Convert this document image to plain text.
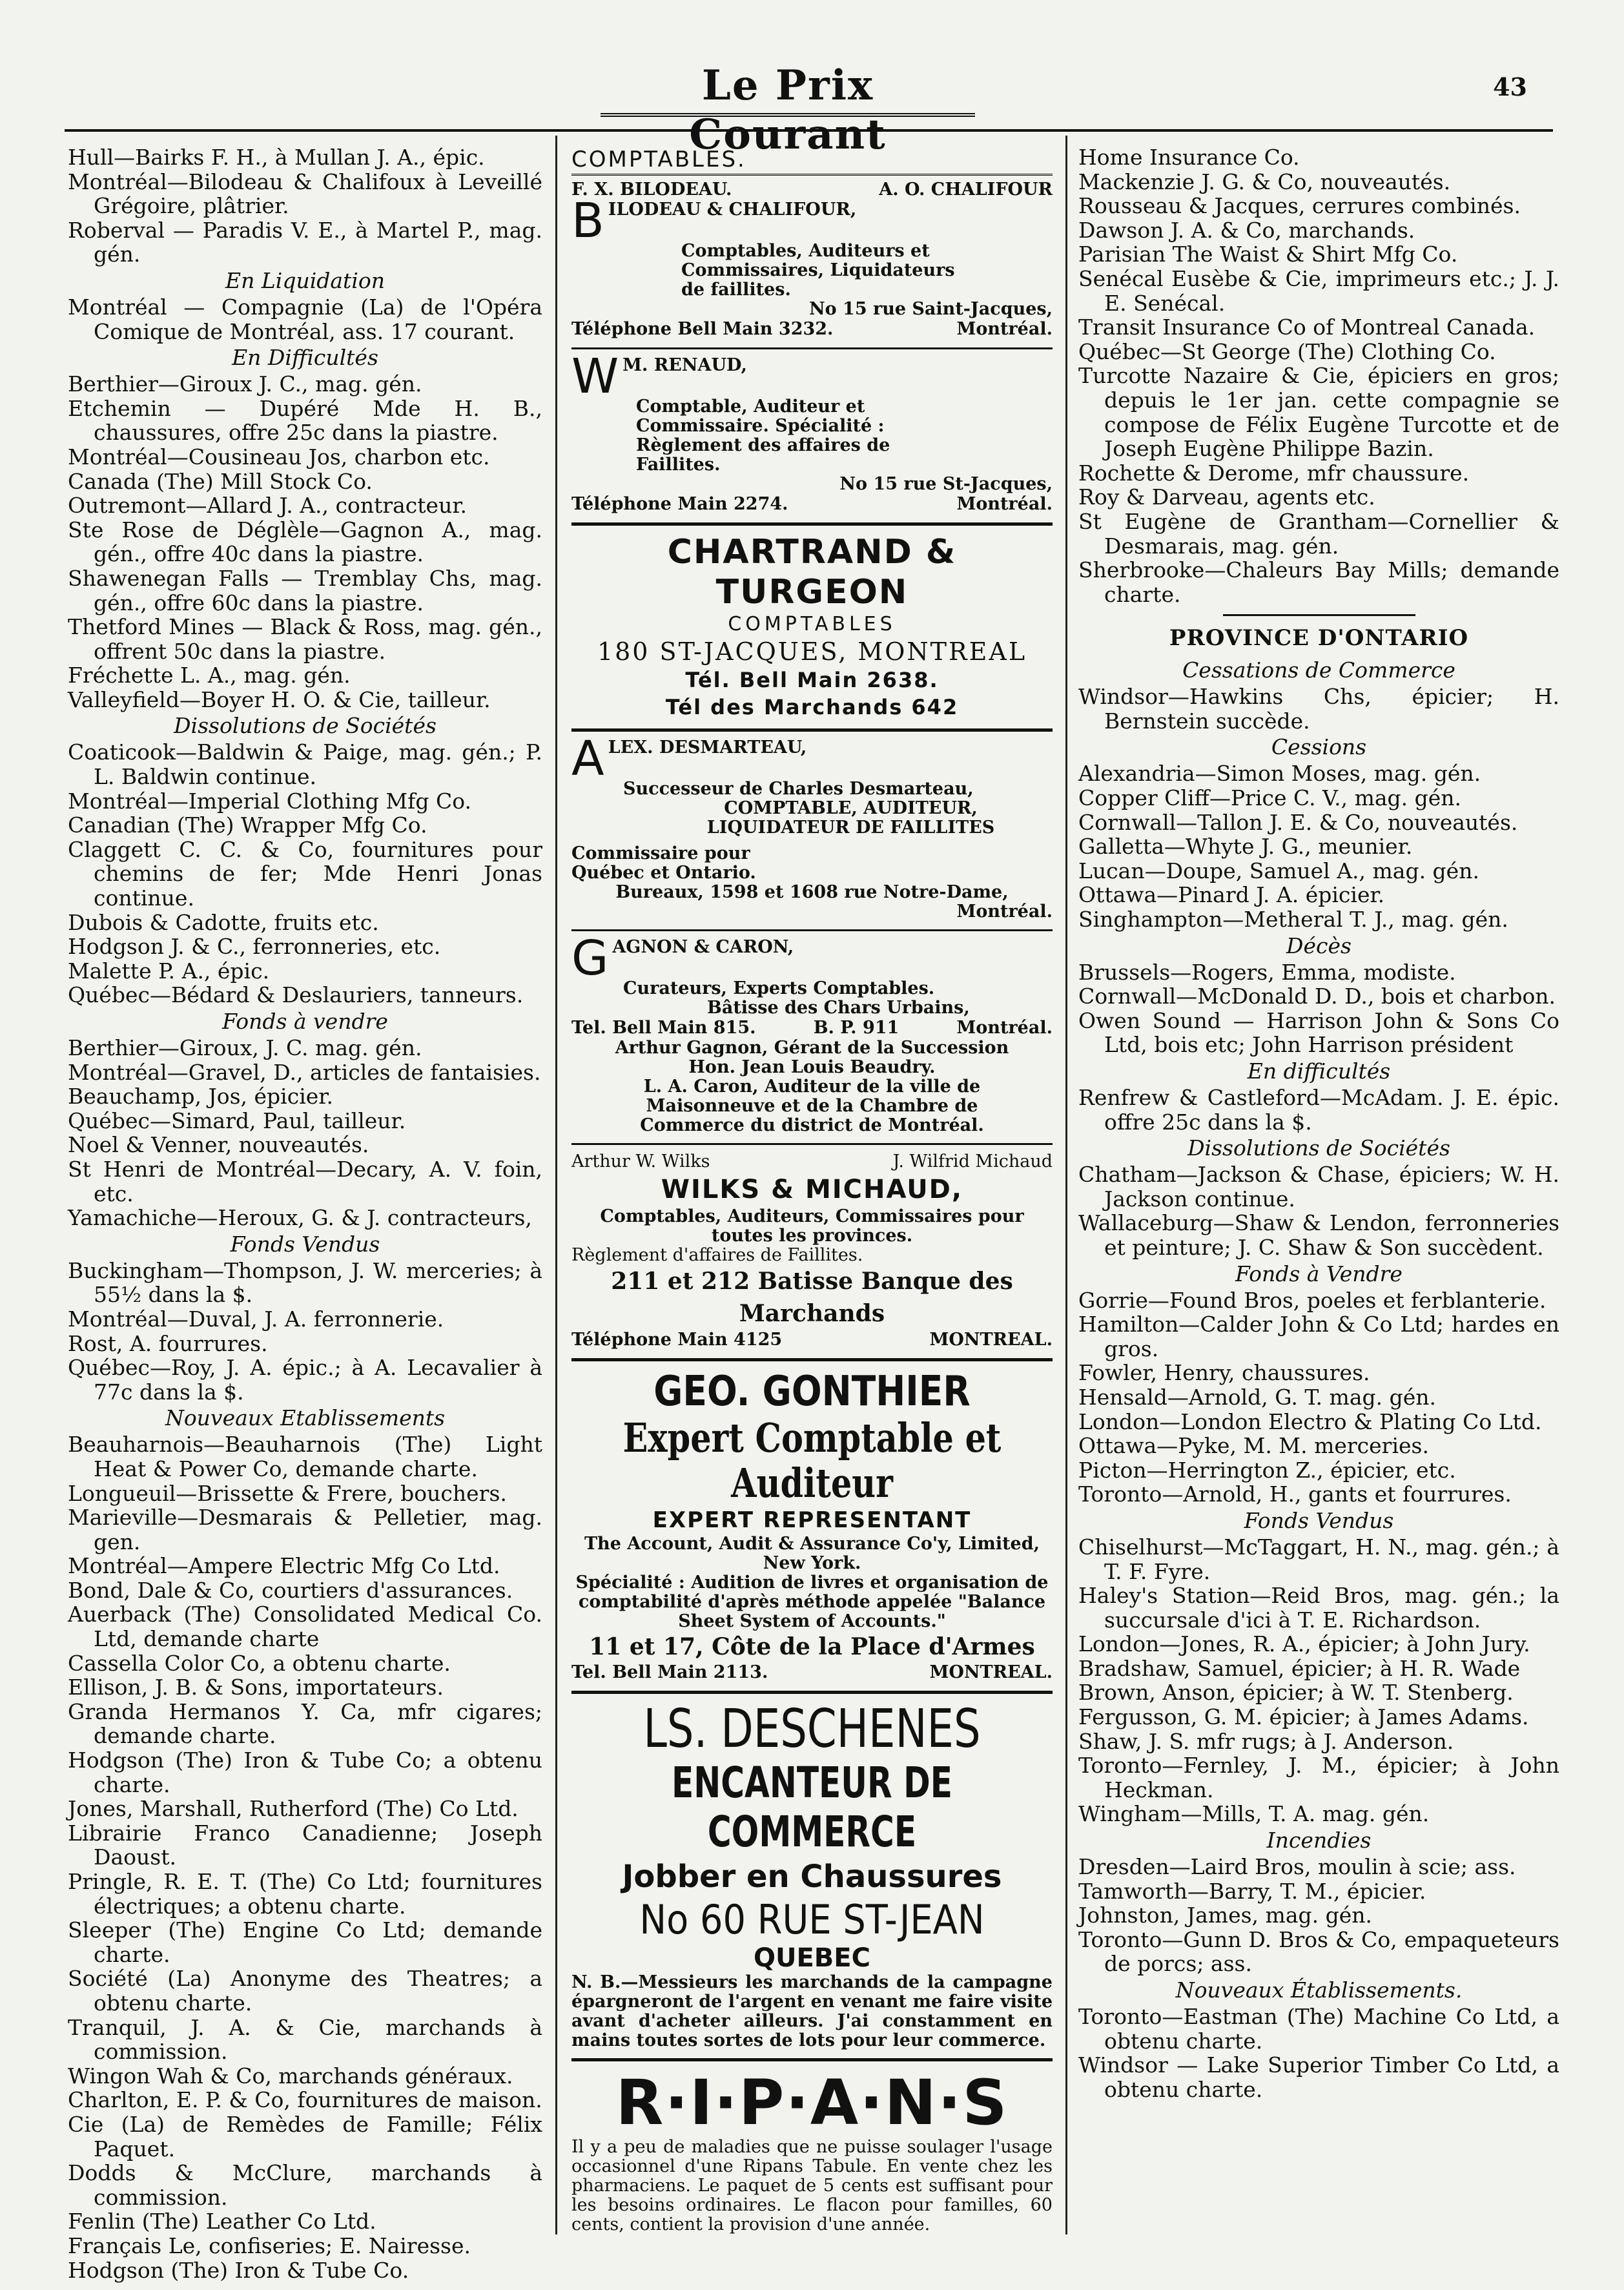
Le Prix Courant
43
Hull—Bairks F. H., à Mullan J. A., épic.
Montréal—Bilodeau & Chalifoux à Leveillé Grégoire, plâtrier.
Roberval — Paradis V. E., à Martel P., mag. gén.
En Liquidation
Montréal — Compagnie (La) de l'Opéra Comique de Montréal, ass. 17 courant.
En Difficultés
Berthier—Giroux J. C., mag. gén.
Etchemin — Dupéré Mde H. B., chaussures, offre 25c dans la piastre.
Montréal—Cousineau Jos, charbon etc.
Canada (The) Mill Stock Co.
Outremont—Allard J. A., contracteur.
Ste Rose de Déglèle—Gagnon A., mag. gén., offre 40c dans la piastre.
Shawenegan Falls — Tremblay Chs, mag. gén., offre 60c dans la piastre.
Thetford Mines — Black & Ross, mag. gén., offrent 50c dans la piastre.
Fréchette L. A., mag. gén.
Valleyfield—Boyer H. O. & Cie, tailleur.
Dissolutions de Sociétés
Coaticook—Baldwin & Paige, mag. gén.; P. L. Baldwin continue.
Montréal—Imperial Clothing Mfg Co.
Canadian (The) Wrapper Mfg Co.
Claggett C. C. & Co, fournitures pour chemins de fer; Mde Henri Jonas continue.
Dubois & Cadotte, fruits etc.
Hodgson J. & C., ferronneries, etc.
Malette P. A., épic.
Québec—Bédard & Deslauriers, tanneurs.
Fonds à vendre
Berthier—Giroux, J. C. mag. gén.
Montréal—Gravel, D., articles de fantaisies.
Beauchamp, Jos, épicier.
Québec—Simard, Paul, tailleur.
Noel & Venner, nouveautés.
St Henri de Montréal—Decary, A. V. foin, etc.
Yamachiche—Heroux, G. & J. contracteurs,
Fonds Vendus
Buckingham—Thompson, J. W. merceries; à 55½ dans la $.
Montréal—Duval, J. A. ferronnerie.
Rost, A. fourrures.
Québec—Roy, J. A. épic.; à A. Lecavalier à 77c dans la $.
Nouveaux Etablissements
Beauharnois—Beauharnois (The) Light Heat & Power Co, demande charte.
Longueuil—Brissette & Frere, bouchers.
Marieville—Desmarais & Pelletier, mag. gen.
Montréal—Ampere Electric Mfg Co Ltd.
Bond, Dale & Co, courtiers d'assurances.
Auerback (The) Consolidated Medical Co. Ltd, demande charte
Cassella Color Co, a obtenu charte.
Ellison, J. B. & Sons, importateurs.
Granda Hermanos Y. Ca, mfr cigares; demande charte.
Hodgson (The) Iron & Tube Co; a obtenu charte.
Jones, Marshall, Rutherford (The) Co Ltd.
Librairie Franco Canadienne; Joseph Daoust.
Pringle, R. E. T. (The) Co Ltd; fournitures électriques; a obtenu charte.
Sleeper (The) Engine Co Ltd; demande charte.
Société (La) Anonyme des Theatres; a obtenu charte.
Tranquil, J. A. & Cie, marchands à commission.
Wingon Wah & Co, marchands généraux.
Charlton, E. P. & Co, fournitures de maison.
Cie (La) de Remèdes de Famille; Félix Paquet.
Dodds & McClure, marchands à commission.
Fenlin (The) Leather Co Ltd.
Français Le, confiseries; E. Nairesse.
Hodgson (The) Iron & Tube Co.
COMPTABLES.
F. X. BILODEAU.	A. O. CHALIFOUR
BILODEAU & CHALIFOUR,
Comptables, Auditeurs et
Commissaires, Liquidateurs
de faillites.
No 15 rue Saint-Jacques,
Téléphone Bell Main 3232.	Montréal.
W M. RENAUD,
Comptable, Auditeur et
Commissaire. Spécialité :
Règlement des affaires de
Faillites.
No 15 rue St-Jacques,
Téléphone Main 2274.	Montréal.
CHARTRAND & TURGEON
COMPTABLES
180 ST-JACQUES, MONTREAL
Tél. Bell Main 2638.
Tél des Marchands 642
ALEX. DESMARTEAU,
Successeur de Charles Desmarteau,
COMPTABLE, AUDITEUR,
LIQUIDATEUR DE FAILLITES
Commissaire pour
Québec et Ontario.
Bureaux, 1598 et 1608 rue Notre-Dame,
Montréal.
GAGNON & CARON,
Curateurs, Experts Comptables.
Bâtisse des Chars Urbains,
Tel. Bell Main 815.	B. P. 911	Montréal.
Arthur Gagnon, Gérant de la Succession
Hon. Jean Louis Beaudry.
L. A. Caron, Auditeur de la ville de Maisonneuve et de la Chambre de Commerce du district de Montréal.
Arthur W. Wilks	J. Wilfrid Michaud
WILKS & MICHAUD,
Comptables, Auditeurs, Commissaires pour toutes les provinces.
Règlement d'affaires de Faillites.
211 et 212 Batisse Banque des Marchands
Téléphone Main 4125	MONTREAL.
GEO. GONTHIER
Expert Comptable et Auditeur
EXPERT REPRESENTANT
The Account, Audit & Assurance Co'y, Limited, New York.
Spécialité : Audition de livres et organisation de comptabilité d'après méthode appelée "Balance Sheet System of Accounts."
11 et 17, Côte de la Place d'Armes
Tel. Bell Main 2113.	MONTREAL.
LS. DESCHENES
ENCANTEUR DE COMMERCE
Jobber en Chaussures
No 60 RUE ST-JEAN
QUEBEC
N. B.—Messieurs les marchands de la campagne épargneront de l'argent en venant me faire visite avant d'acheter ailleurs. J'ai constamment en mains toutes sortes de lots pour leur commerce.
R·I·P·A·N·S
Il y a peu de maladies que ne puisse soulager l'usage occasionnel d'une Ripans Tabule. En vente chez les pharmaciens. Le paquet de 5 cents est suffisant pour les besoins ordinaires. Le flacon pour familles, 60 cents, contient la provision d'une année.
Home Insurance Co.
Mackenzie J. G. & Co, nouveautés.
Rousseau & Jacques, cerrures combinés.
Dawson J. A. & Co, marchands.
Parisian The Waist & Shirt Mfg Co.
Senécal Eusèbe & Cie, imprimeurs etc.; J. J. E. Senécal.
Transit Insurance Co of Montreal Canada.
Québec—St George (The) Clothing Co.
Turcotte Nazaire & Cie, épiciers en gros; depuis le 1er jan. cette compagnie se compose de Félix Eugène Turcotte et de Joseph Eugène Philippe Bazin.
Rochette & Derome, mfr chaussure.
Roy & Darveau, agents etc.
St Eugène de Grantham—Cornellier & Desmarais, mag. gén.
Sherbrooke—Chaleurs Bay Mills; demande charte.
PROVINCE D'ONTARIO
Cessations de Commerce
Windsor—Hawkins Chs, épicier; H. Bernstein succède.
Cessions
Alexandria—Simon Moses, mag. gén.
Copper Cliff—Price C. V., mag. gén.
Cornwall—Tallon J. E. & Co, nouveautés.
Galletta—Whyte J. G., meunier.
Lucan—Doupe, Samuel A., mag. gén.
Ottawa—Pinard J. A. épicier.
Singhampton—Metheral T. J., mag. gén.
Décès
Brussels—Rogers, Emma, modiste.
Cornwall—McDonald D. D., bois et charbon.
Owen Sound — Harrison John & Sons Co Ltd, bois etc; John Harrison président
En difficultés
Renfrew & Castleford—McAdam. J. E. épic. offre 25c dans la $.
Dissolutions de Sociétés
Chatham—Jackson & Chase, épiciers; W. H. Jackson continue.
Wallaceburg—Shaw & Lendon, ferronneries et peinture; J. C. Shaw & Son succèdent.
Fonds à Vendre
Gorrie—Found Bros, poeles et ferblanterie.
Hamilton—Calder John & Co Ltd; hardes en gros.
Fowler, Henry, chaussures.
Hensald—Arnold, G. T. mag. gén.
London—London Electro & Plating Co Ltd.
Ottawa—Pyke, M. M. merceries.
Picton—Herrington Z., épicier, etc.
Toronto—Arnold, H., gants et fourrures.
Fonds Vendus
Chiselhurst—McTaggart, H. N., mag. gén.; à T. F. Fyre.
Haley's Station—Reid Bros, mag. gén.; la succursale d'ici à T. E. Richardson.
London—Jones, R. A., épicier; à John Jury.
Bradshaw, Samuel, épicier; à H. R. Wade
Brown, Anson, épicier; à W. T. Stenberg.
Fergusson, G. M. épicier; à James Adams.
Shaw, J. S. mfr rugs; à J. Anderson.
Toronto—Fernley, J. M., épicier; à John Heckman.
Wingham—Mills, T. A. mag. gén.
Incendies
Dresden—Laird Bros, moulin à scie; ass.
Tamworth—Barry, T. M., épicier.
Johnston, James, mag. gén.
Toronto—Gunn D. Bros & Co, empaqueteurs de porcs; ass.
Nouveaux Établissements.
Toronto—Eastman (The) Machine Co Ltd, a obtenu charte.
Windsor — Lake Superior Timber Co Ltd, a obtenu charte.
